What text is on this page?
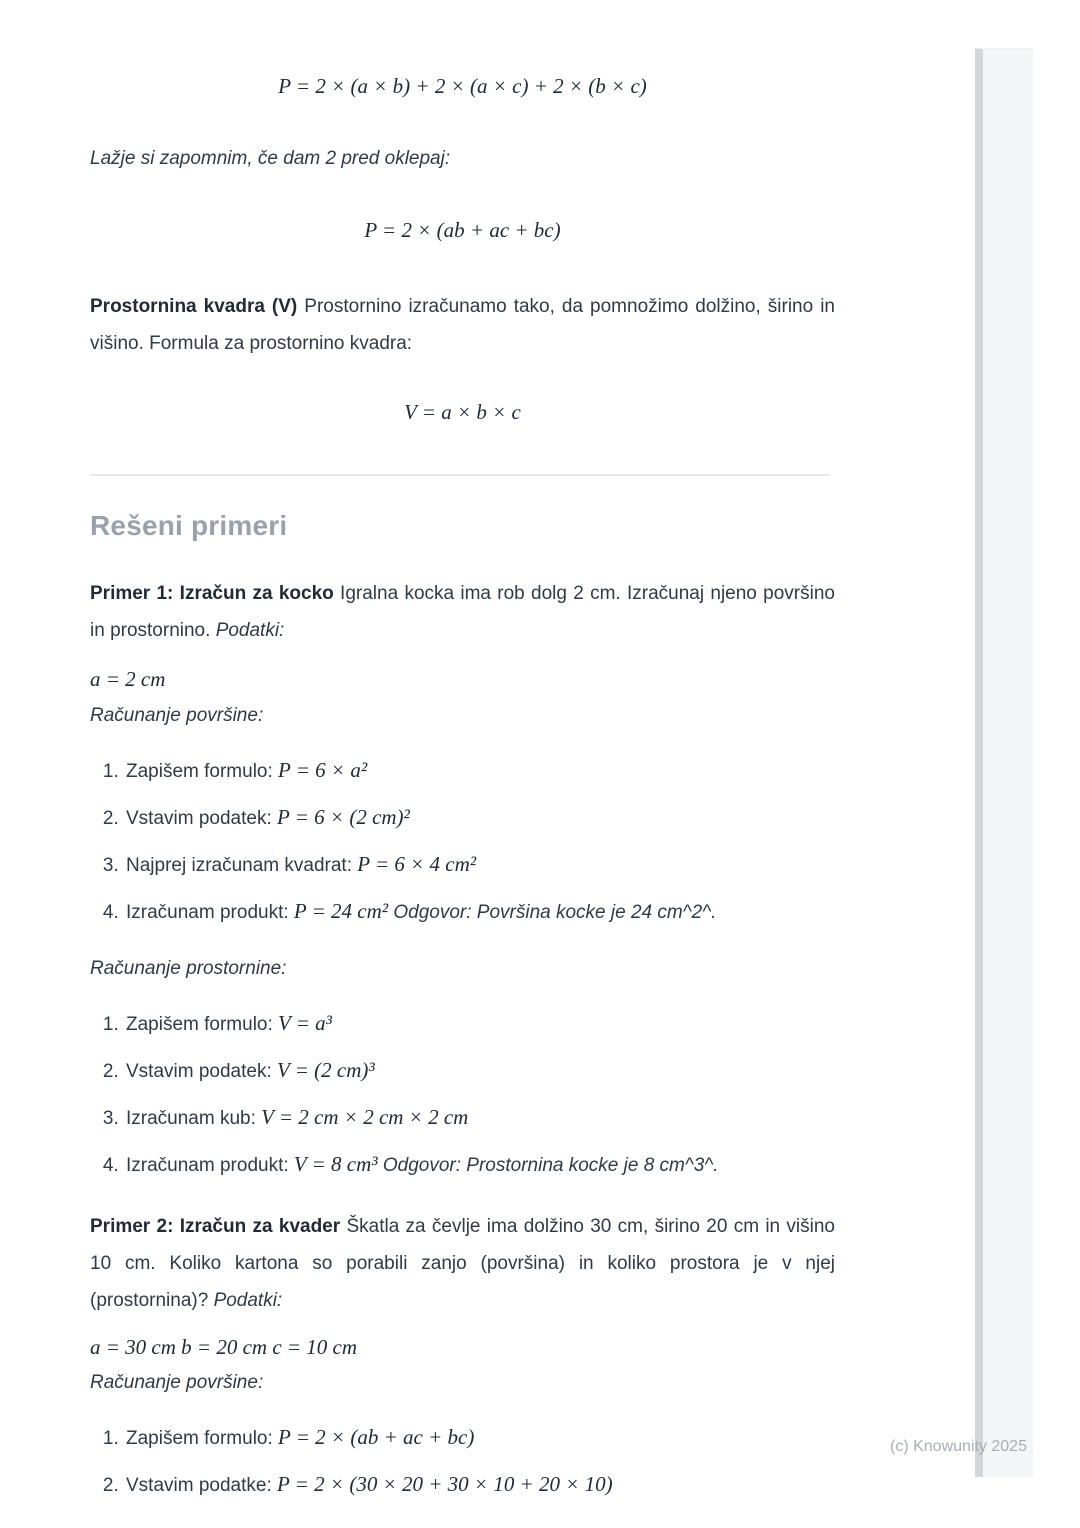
P = 2 × (a × b) + 2 × (a × c) + 2 × (b × c)

Lažje si zapomnim, če dam 2 pred oklepaj:

P = 2 × (ab + ac + bc)

Prostornina kvadra (V) Prostornino izračunamo tako, da pomnožimo dolžino, širino in višino. Formula za prostornino kvadra:

V = a × b × c

Rešeni primeri

Primer 1: Izračun za kocko Igralna kocka ima rob dolg 2 cm. Izračunaj njeno površino in prostornino. Podatki:

a = 2 cm

Računanje površine:

1. Zapišem formulo: P = 6 × a²
2. Vstavim podatek: P = 6 × (2 cm)²
3. Najprej izračunam kvadrat: P = 6 × 4 cm²
4. Izračunam produkt: P = 24 cm² Odgovor: Površina kocke je 24 cm^2^.

Računanje prostornine:

1. Zapišem formulo: V = a³
2. Vstavim podatek: V = (2 cm)³
3. Izračunam kub: V = 2 cm × 2 cm × 2 cm
4. Izračunam produkt: V = 8 cm³ Odgovor: Prostornina kocke je 8 cm^3^.

Primer 2: Izračun za kvader Škatla za čevlje ima dolžino 30 cm, širino 20 cm in višino 10 cm. Koliko kartona so porabili zanjo (površina) in koliko prostora je v njej (prostornina)? Podatki:

a = 30 cm b = 20 cm c = 10 cm

Računanje površine:

1. Zapišem formulo: P = 2 × (ab + ac + bc)
2. Vstavim podatke: P = 2 × (30 × 20 + 30 × 10 + 20 × 10)
(c) Knowunity 2025
